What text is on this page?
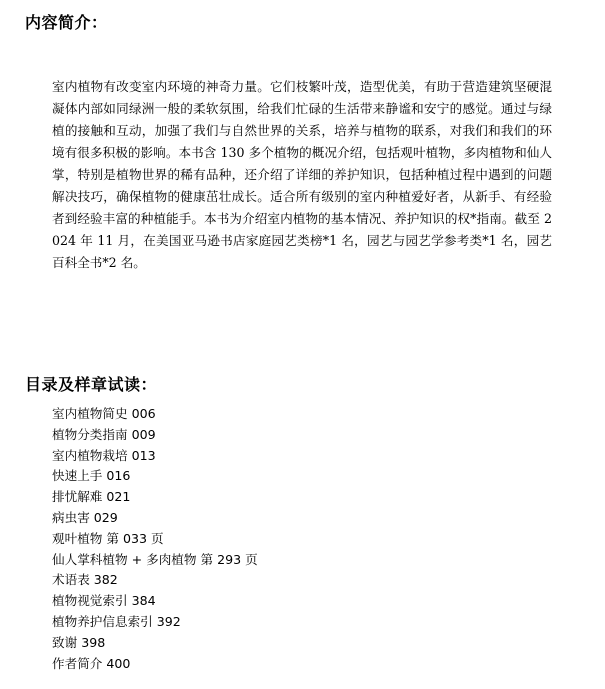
内容简介：

室内植物有改变室内环境的神奇力量。它们枝繁叶茂，造型优美，有助于营造建筑坚硬混凝体内部如同绿洲一般的柔软氛围，给我们忙碌的生活带来静谧和安宁的感觉。通过与绿植的接触和互动，加强了我们与自然世界的关系，培养与植物的联系，对我们和我们的环境有很多积极的影响。本书含 130 多个植物的概况介绍，包括观叶植物，多肉植物和仙人掌，特别是植物世界的稀有品种，还介绍了详细的养护知识，包括种植过程中遇到的问题解决技巧，确保植物的健康茁壮成长。适合所有级别的室内种植爱好者，从新手、有经验者到经验丰富的种植能手。本书为介绍室内植物的基本情况、养护知识的权*指南。截至 2024 年 11 月，在美国亚马逊书店家庭园艺类榜*1 名，园艺与园艺学参考类*1 名，园艺百科全书*2 名。

目录及样章试读：
室内植物简史 006
植物分类指南 009
室内植物栽培 013
快速上手 016
排忧解难 021
病虫害 029
观叶植物 第 033 页
仙人掌科植物 + 多肉植物 第 293 页
术语表 382
植物视觉索引 384
植物养护信息索引 392
致谢 398
作者简介 400
